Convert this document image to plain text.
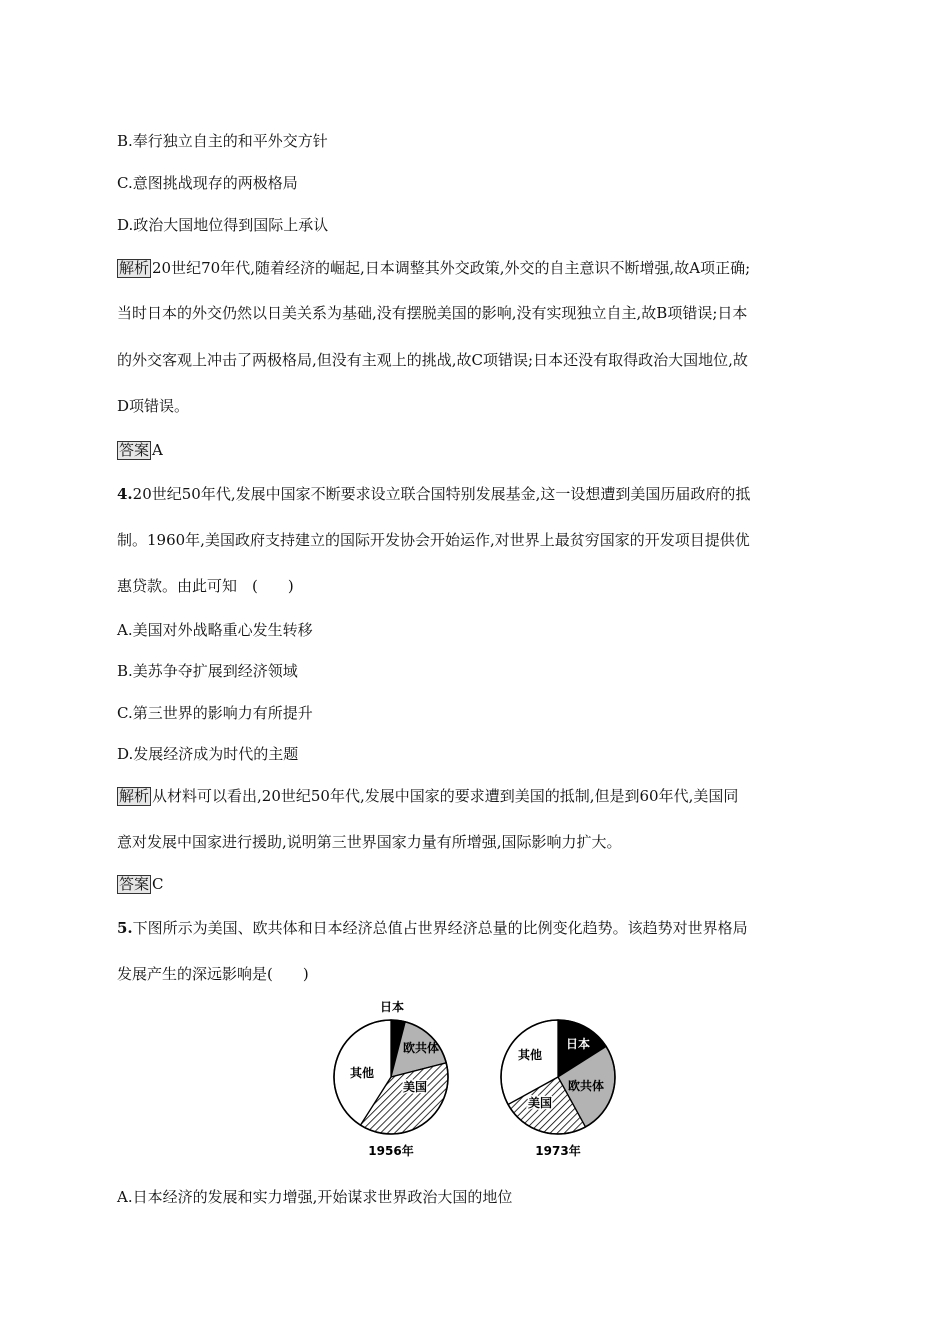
B.奉行独立自主的和平外交方针
C.意图挑战现存的两极格局
D.政治大国地位得到国际上承认
解析 20世纪70年代,随着经济的崛起,日本调整其外交政策,外交的自主意识不断增强,故A项正确;
当时日本的外交仍然以日美关系为基础,没有摆脱美国的影响,没有实现独立自主,故B项错误;日本
的外交客观上冲击了两极格局,但没有主观上的挑战,故C项错误;日本还没有取得政治大国地位,故
D项错误。
答案 A
4.20世纪50年代,发展中国家不断要求设立联合国特别发展基金,这一设想遭到美国历届政府的抵
制。1960年,美国政府支持建立的国际开发协会开始运作,对世界上最贫穷国家的开发项目提供优
惠贷款。由此可知　(　　)
A.美国对外战略重心发生转移
B.美苏争夺扩展到经济领域
C.第三世界的影响力有所提升
D.发展经济成为时代的主题
解析 从材料可以看出,20世纪50年代,发展中国家的要求遭到美国的抵制,但是到60年代,美国同
意对发展中国家进行援助,说明第三世界国家力量有所增强,国际影响力扩大。
答案 C
5.下图所示为美国、欧共体和日本经济总值占世界经济总量的比例变化趋势。该趋势对世界格局
发展产生的深远影响是(　　)
日本
欧共体
美国
其他
1956年
日本
欧共体
美国
其他
1973年
A.日本经济的发展和实力增强,开始谋求世界政治大国的地位
